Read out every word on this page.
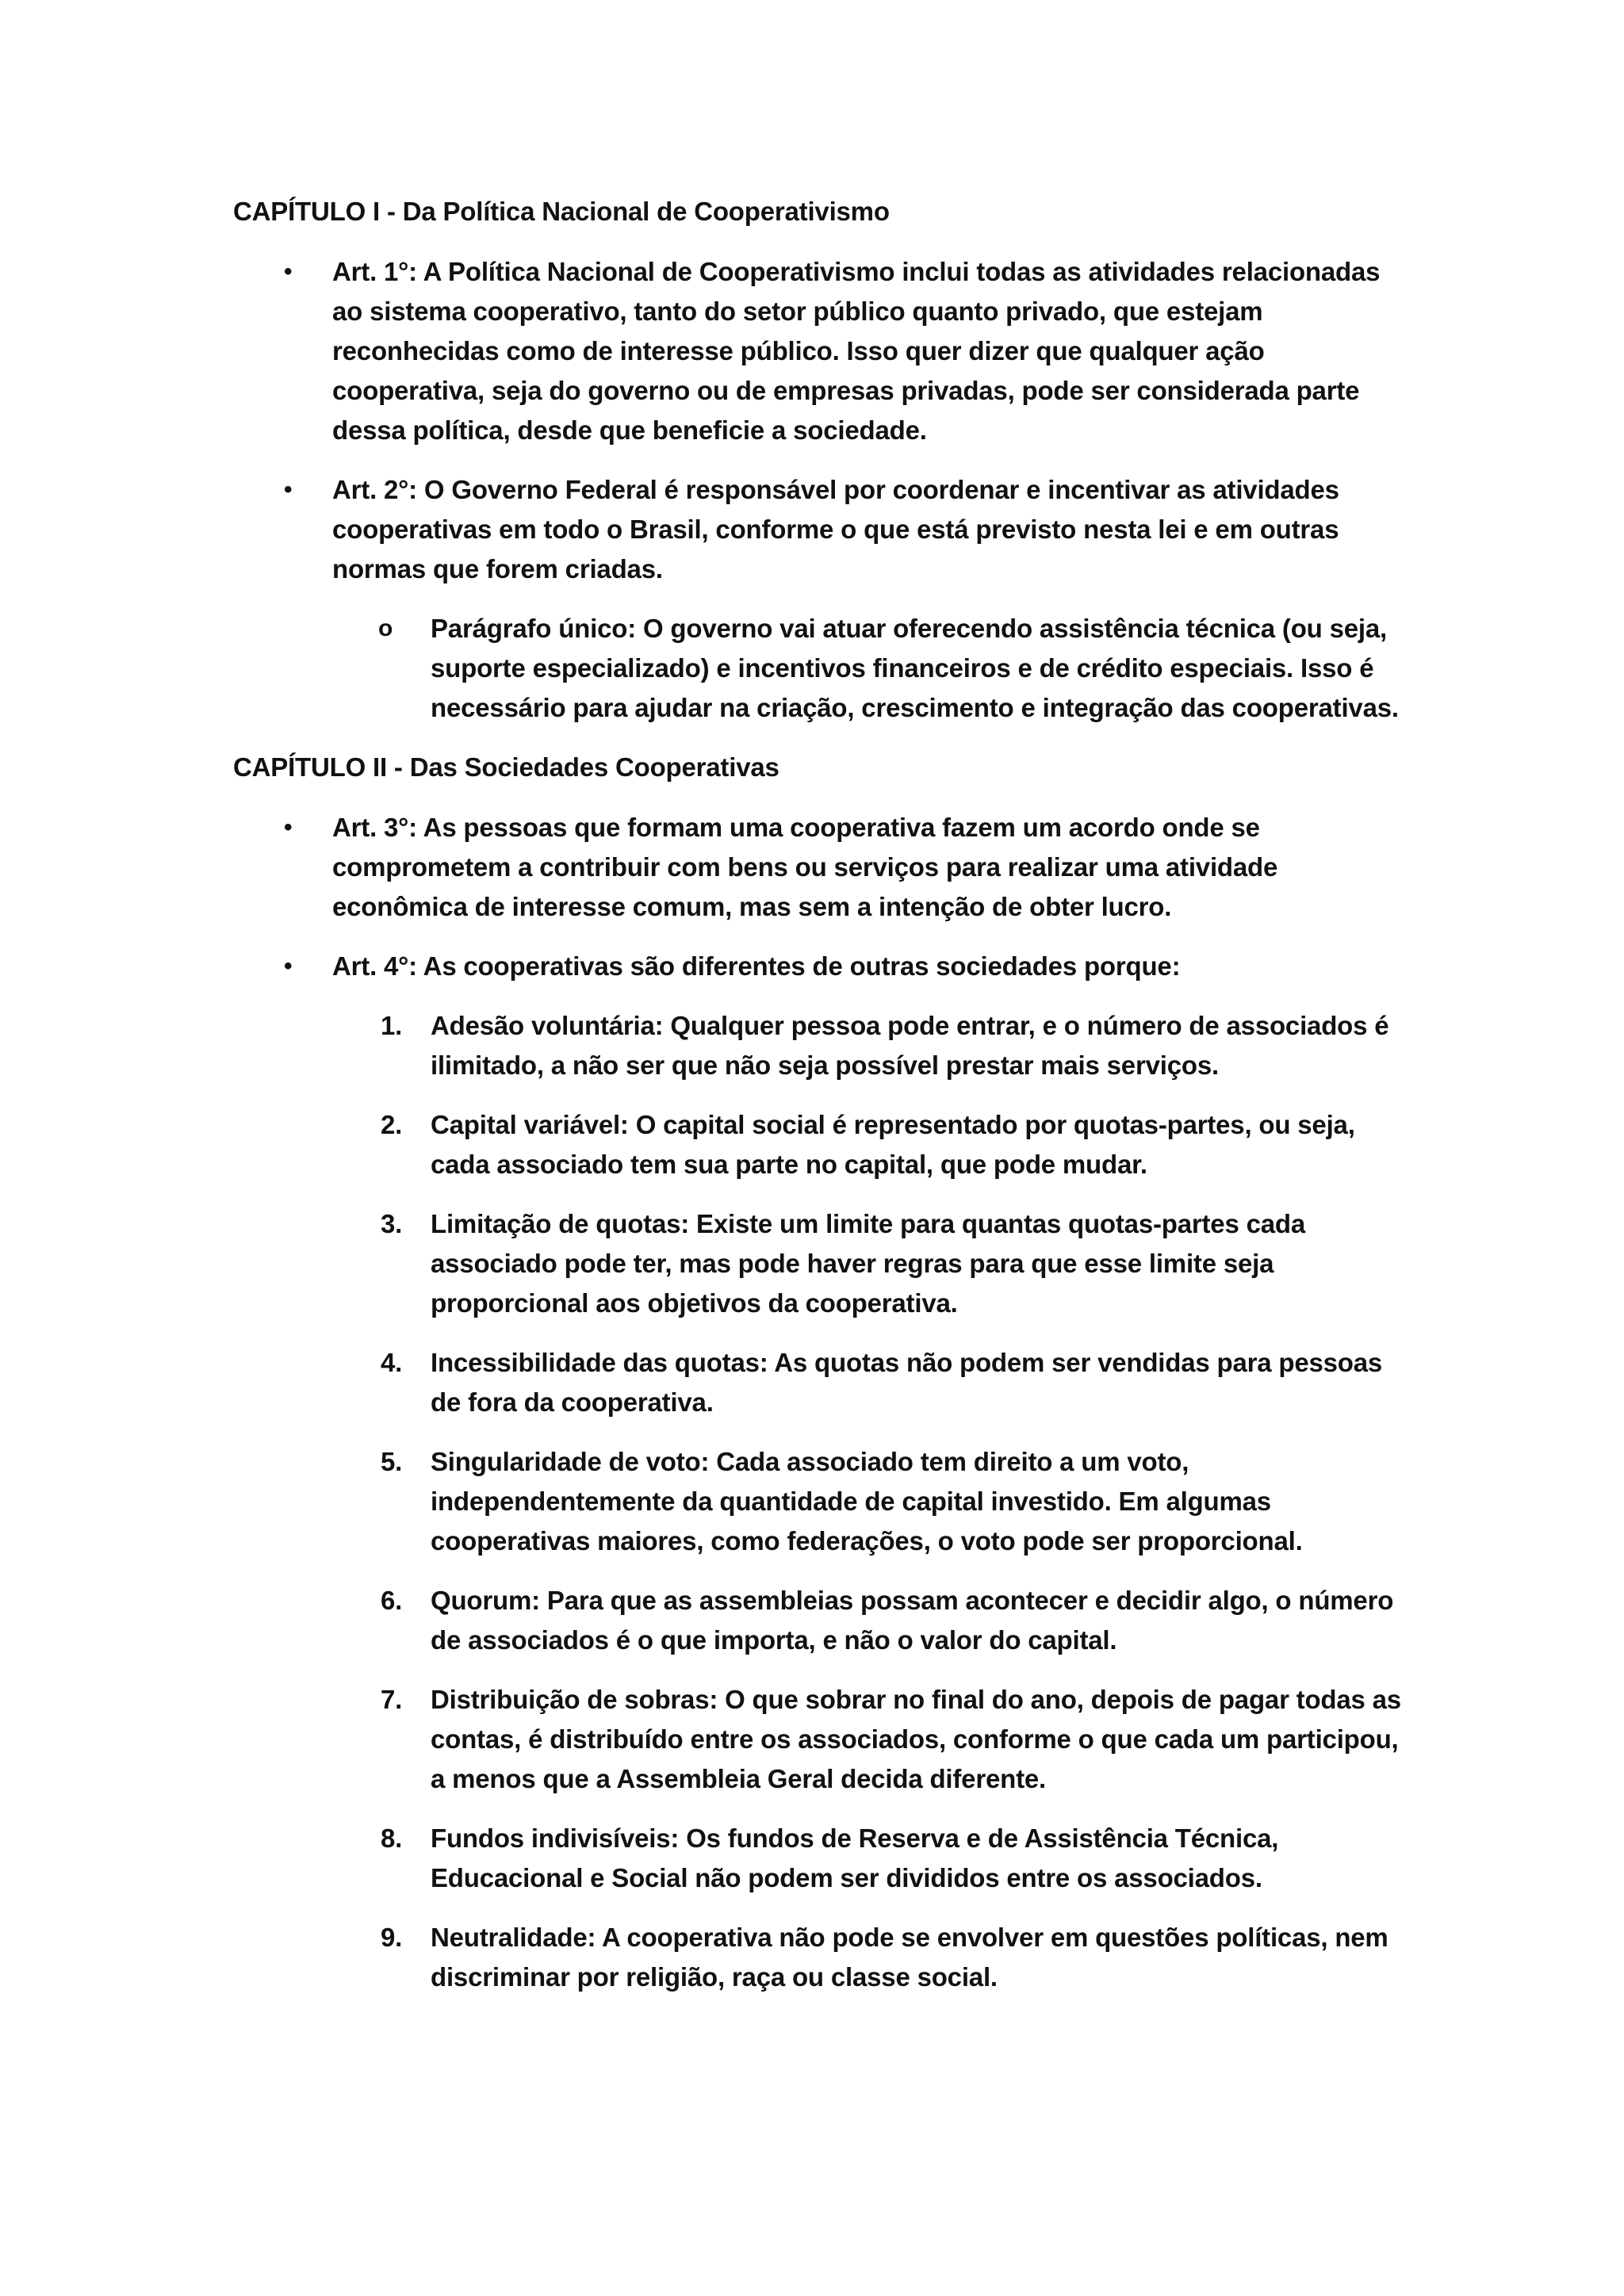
CAPÍTULO I - Da Política Nacional de Cooperativismo
• Art. 1°: A Política Nacional de Cooperativismo inclui todas as atividades relacionadas ao sistema cooperativo, tanto do setor público quanto privado, que estejam reconhecidas como de interesse público. Isso quer dizer que qualquer ação cooperativa, seja do governo ou de empresas privadas, pode ser considerada parte dessa política, desde que beneficie a sociedade.
• Art. 2°: O Governo Federal é responsável por coordenar e incentivar as atividades cooperativas em todo o Brasil, conforme o que está previsto nesta lei e em outras normas que forem criadas.
o Parágrafo único: O governo vai atuar oferecendo assistência técnica (ou seja, suporte especializado) e incentivos financeiros e de crédito especiais. Isso é necessário para ajudar na criação, crescimento e integração das cooperativas.
CAPÍTULO II - Das Sociedades Cooperativas
• Art. 3°: As pessoas que formam uma cooperativa fazem um acordo onde se comprometem a contribuir com bens ou serviços para realizar uma atividade econômica de interesse comum, mas sem a intenção de obter lucro.
• Art. 4°: As cooperativas são diferentes de outras sociedades porque:
1. Adesão voluntária: Qualquer pessoa pode entrar, e o número de associados é ilimitado, a não ser que não seja possível prestar mais serviços.
2. Capital variável: O capital social é representado por quotas-partes, ou seja, cada associado tem sua parte no capital, que pode mudar.
3. Limitação de quotas: Existe um limite para quantas quotas-partes cada associado pode ter, mas pode haver regras para que esse limite seja proporcional aos objetivos da cooperativa.
4. Incessibilidade das quotas: As quotas não podem ser vendidas para pessoas de fora da cooperativa.
5. Singularidade de voto: Cada associado tem direito a um voto, independentemente da quantidade de capital investido. Em algumas cooperativas maiores, como federações, o voto pode ser proporcional.
6. Quorum: Para que as assembleias possam acontecer e decidir algo, o número de associados é o que importa, e não o valor do capital.
7. Distribuição de sobras: O que sobrar no final do ano, depois de pagar todas as contas, é distribuído entre os associados, conforme o que cada um participou, a menos que a Assembleia Geral decida diferente.
8. Fundos indivisíveis: Os fundos de Reserva e de Assistência Técnica, Educacional e Social não podem ser divididos entre os associados.
9. Neutralidade: A cooperativa não pode se envolver em questões políticas, nem discriminar por religião, raça ou classe social.
